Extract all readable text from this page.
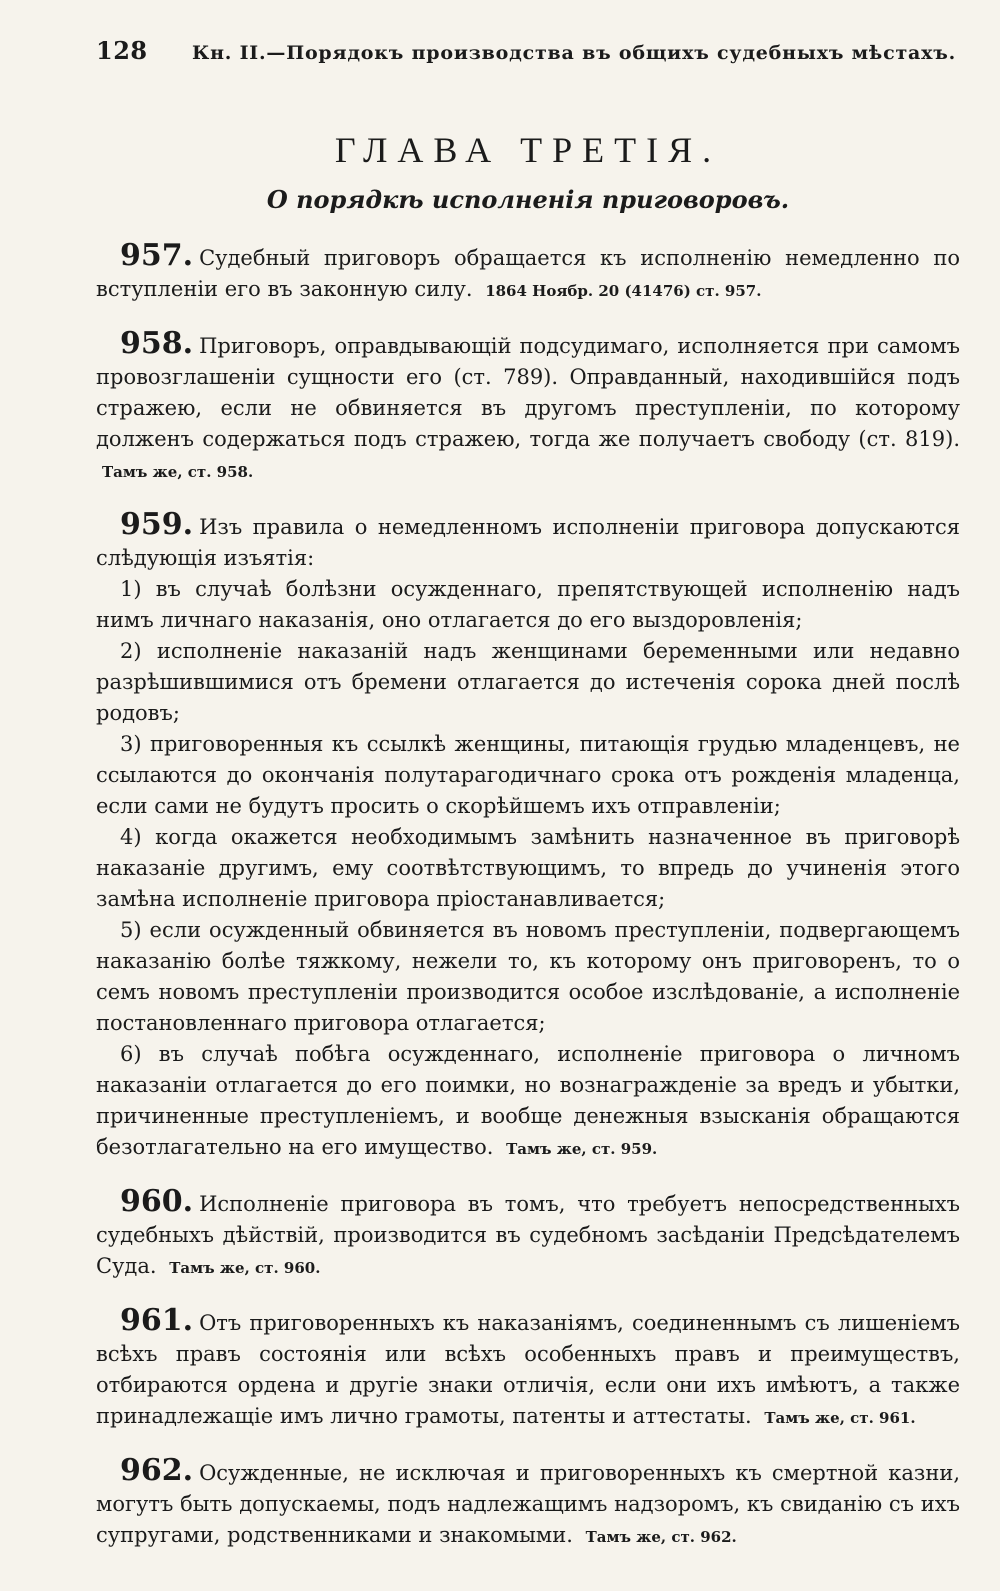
128	Кн. II.—Порядокъ производства въ общихъ судебныхъ мѣстахъ.
ГЛАВА ТРЕТІЯ.
О порядкѣ исполненія приговоровъ.

957. Судебный приговоръ обращается къ исполненію немедленно по вступленіи его въ законную силу. 1864 Ноябр. 20 (41476) ст. 957.

958. Приговоръ, оправдывающій подсудимаго, исполняется при самомъ провозглашеніи сущности его (ст. 789). Оправданный, находившійся подъ стражею, если не обвиняется въ другомъ преступленіи, по которому долженъ содержаться подъ стражею, тогда же получаетъ свободу (ст. 819). Тамъ же, ст. 958.

959. Изъ правила о немедленномъ исполненіи приговора допускаются слѣдующія изъятія:

1) въ случаѣ болѣзни осужденнаго, препятствующей исполненію надъ нимъ личнаго наказанія, оно отлагается до его выздоровленія;

2) исполненіе наказаній надъ женщинами беременными или недавно разрѣшившимися отъ бремени отлагается до истеченія сорока дней послѣ родовъ;

3) приговоренныя къ ссылкѣ женщины, питающія грудью младенцевъ, не ссылаются до окончанія полутарагодичнаго срока отъ рожденія младенца, если сами не будутъ просить о скорѣйшемъ ихъ отправленіи;

4) когда окажется необходимымъ замѣнить назначенное въ приговорѣ наказаніе другимъ, ему соотвѣтствующимъ, то впредь до учиненія этого замѣна исполненіе приговора пріостанавливается;

5) если осужденный обвиняется въ новомъ преступленіи, подвергающемъ наказанію болѣе тяжкому, нежели то, къ которому онъ приговоренъ, то о семъ новомъ преступленіи производится особое изслѣдованіе, а исполненіе постановленнаго приговора отлагается;

6) въ случаѣ побѣга осужденнаго, исполненіе приговора о личномъ наказаніи отлагается до его поимки, но вознагражденіе за вредъ и убытки, причиненные преступленіемъ, и вообще денежныя взысканія обращаются безотлагательно на его имущество. Тамъ же, ст. 959.

960. Исполненіе приговора въ томъ, что требуетъ непосредственныхъ судебныхъ дѣйствій, производится въ судебномъ засѣданіи Предсѣдателемъ Суда. Тамъ же, ст. 960.

961. Отъ приговоренныхъ къ наказаніямъ, соединеннымъ съ лишеніемъ всѣхъ правъ состоянія или всѣхъ особенныхъ правъ и преимуществъ, отбираются ордена и другіе знаки отличія, если они ихъ имѣютъ, а также принадлежащіе имъ лично грамоты, патенты и аттестаты. Тамъ же, ст. 961.

962. Осужденные, не исключая и приговоренныхъ къ смертной казни, могутъ быть допускаемы, подъ надлежащимъ надзоромъ, къ свиданію съ ихъ супругами, родственниками и знакомыми. Тамъ же, ст. 962.
